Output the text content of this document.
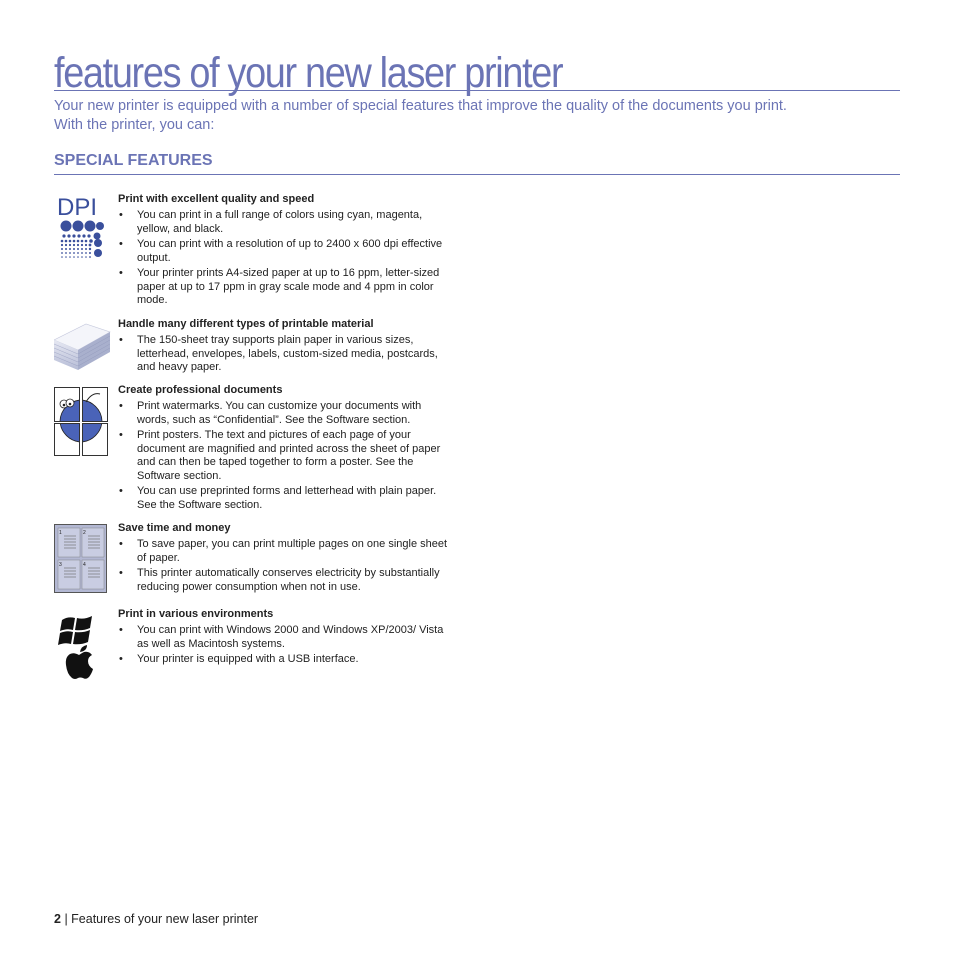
features of your new laser printer
Your new printer is equipped with a number of special features that improve the quality of the documents you print.
With the printer, you can:
SPECIAL FEATURES
DPI Print with excellent quality and speed
• You can print in a full range of colors using cyan, magenta, yellow, and black.
• You can print with a resolution of up to 2400 x 600 dpi effective output.
• Your printer prints A4-sized paper at up to 16 ppm, letter-sized paper at up to 17 ppm in gray scale mode and 4 ppm in color mode.
Handle many different types of printable material
• The 150-sheet tray supports plain paper in various sizes, letterhead, envelopes, labels, custom-sized media, postcards, and heavy paper.
Create professional documents
• Print watermarks. You can customize your documents with words, such as “Confidential”. See the Software section.
• Print posters. The text and pictures of each page of your document are magnified and printed across the sheet of paper and can then be taped together to form a poster. See the Software section.
• You can use preprinted forms and letterhead with plain paper. See the Software section.
1	2
3	4
Save time and money
• To save paper, you can print multiple pages on one single sheet of paper.
• This printer automatically conserves electricity by substantially reducing power consumption when not in use.
Print in various environments
• You can print with Windows 2000 and Windows XP/2003/ Vista as well as Macintosh systems.
• Your printer is equipped with a USB interface.
2 | Features of your new laser printer
